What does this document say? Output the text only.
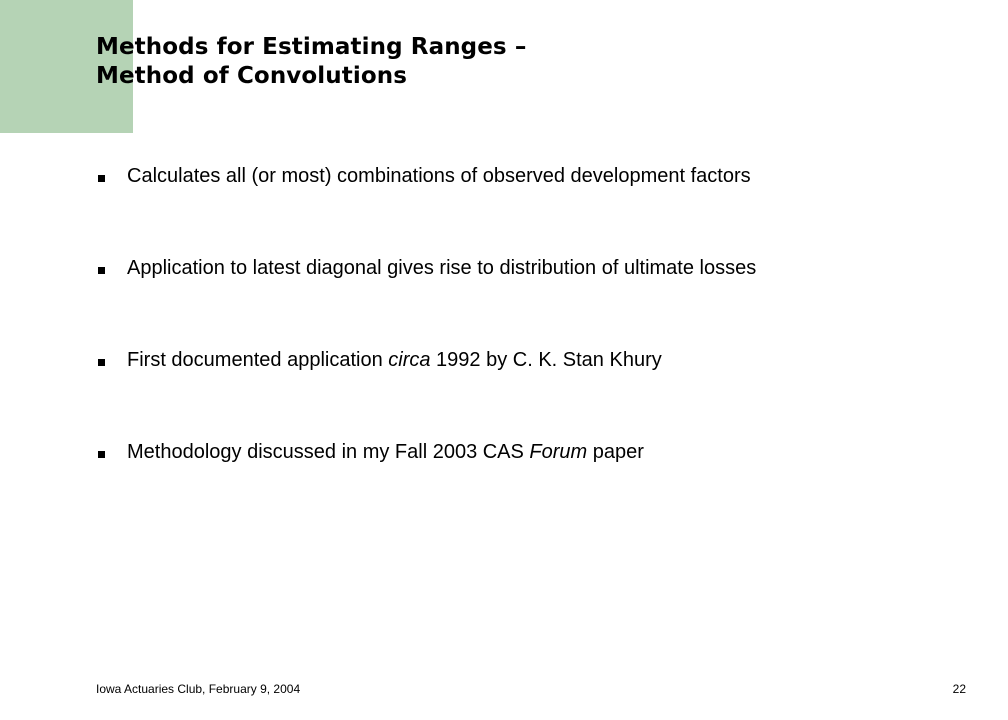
Methods for Estimating Ranges –
Method of Convolutions
Calculates all (or most) combinations of observed development factors
Application to latest diagonal gives rise to distribution of ultimate losses
First documented application circa 1992 by C. K. Stan Khury
Methodology discussed in my Fall 2003 CAS Forum paper
Iowa Actuaries Club, February 9, 2004	22
